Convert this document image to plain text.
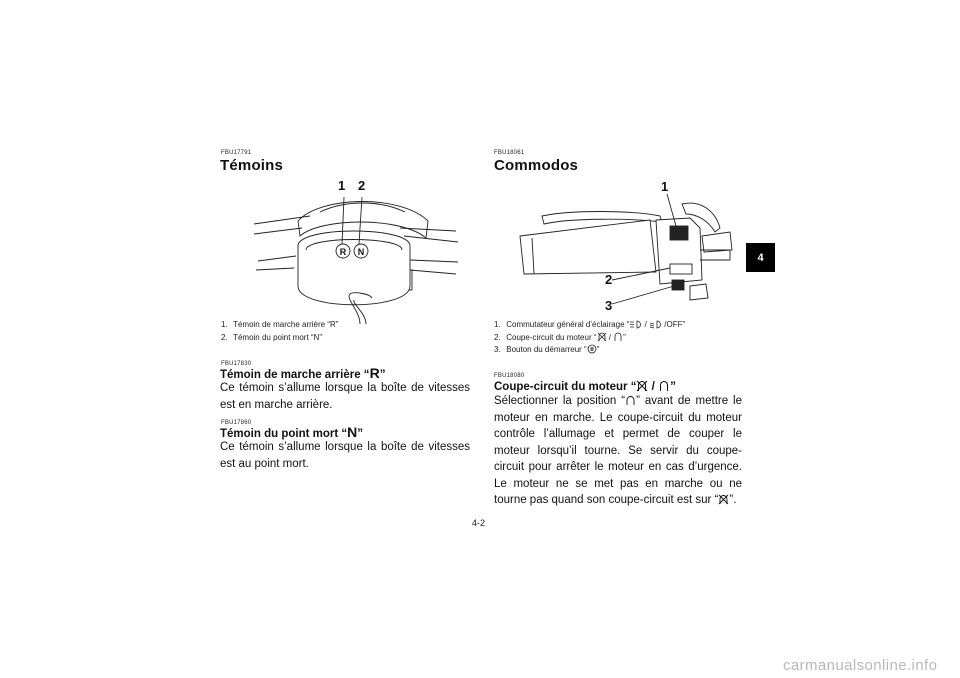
FBU17791
Témoins
R	N
1 2
1. Témoin de marche arrière “R”
2. Témoin du point mort “N”
FBU17830
Témoin de marche arrière “R”
Ce témoin s’allume lorsque la boîte de vitesses est en marche arrière.
FBU17860
Témoin du point mort “N”
Ce témoin s’allume lorsque la boîte de vitesses est au point mort.
FBU18061
Commodos
1
2
3
1. Commutateur général d’éclairage “ /  /OFF”
2. Coupe-circuit du moteur “ / ”
3. Bouton du démarreur “ ”
FBU18080
Coupe-circuit du moteur “ / ”
Sélectionner la position “ ” avant de mettre le moteur en marche. Le coupe-circuit du moteur contrôle l’allumage et permet de couper le moteur lorsqu’il tourne. Se servir du coupe-circuit pour arrêter le moteur en cas d’urgence. Le moteur ne se met pas en marche ou ne tourne pas quand son coupe-circuit est sur “ ”.
4
4-2
carmanualsonline.info
